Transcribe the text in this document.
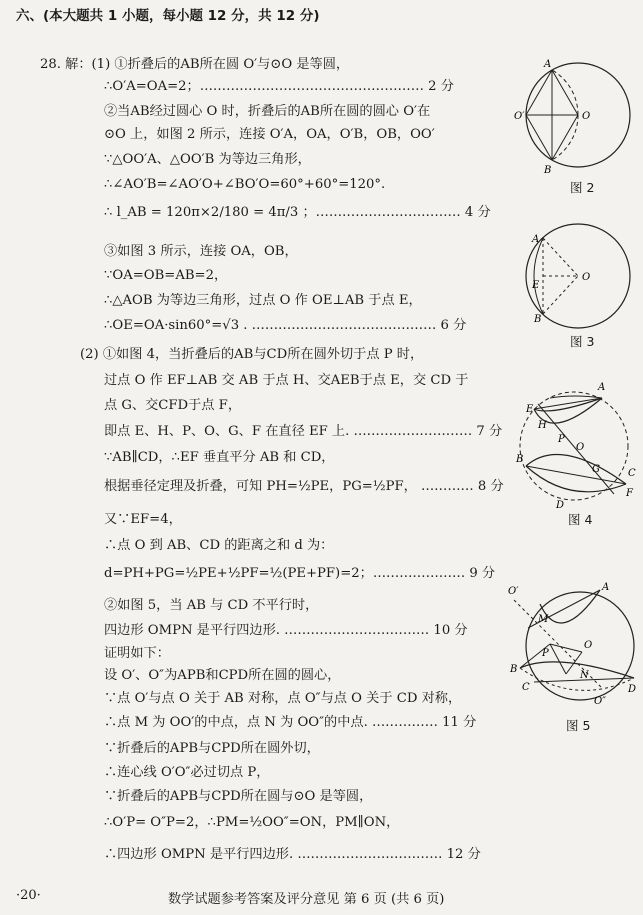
六、(本大题共 1 小题，每小题 12 分，共 12 分)
28. 解：(1) ①折叠后的AB所在圆 O′与⊙O 是等圆，
∴O′A=OA=2；…………………………………………… 2 分
②当AB经过圆心 O 时，折叠后的AB所在圆的圆心 O′在
⊙O 上，如图 2 所示，连接 O′A，OA，O′B，OB，OO′
∵△OO′A、△OO′B 为等边三角形，
∴∠AO′B=∠AO′O+∠BO′O=60°+60°=120°.
∴ l_AB = 120π×2/180 = 4π/3 ；…………………………… 4 分
③如图 3 所示，连接 OA，OB，
∵OA=OB=AB=2，
∴△AOB 为等边三角形，过点 O 作 OE⊥AB 于点 E，
∴OE=OA·sin60°=√3 . …………………………………… 6 分
(2) ①如图 4，当折叠后的AB与CD所在圆外切于点 P 时，
过点 O 作 EF⊥AB 交 AB 于点 H、交AEB于点 E，交 CD 于
点 G、交CFD于点 F，
即点 E、H、P、O、G、F 在直径 EF 上. ……………………… 7 分
∵AB∥CD，∴EF 垂直平分 AB 和 CD，
根据垂径定理及折叠，可知 PH=½PE，PG=½PF， ………… 8 分
又∵EF=4，
∴点 O 到 AB、CD 的距离之和 d 为：
d=PH+PG=½PE+½PF=½(PE+PF)=2；………………… 9 分
②如图 5，当 AB 与 CD 不平行时，
四边形 OMPN 是平行四边形. …………………………… 10 分
证明如下：
设 O′、O″为APB和CPD所在圆的圆心，
∵点 O′与点 O 关于 AB 对称，点 O″与点 O 关于 CD 对称，
∴点 M 为 OO′的中点，点 N 为 OO″的中点. …………… 11 分
∵折叠后的APB与CPD所在圆外切，
∴连心线 O′O″必过切点 P，
∵折叠后的APB与CPD所在圆与⊙O 是等圆，
∴O′P= O″P=2，∴PM=½OO″=ON，PM∥ON，
∴四边形 OMPN 是平行四边形. …………………………… 12 分
A
O′	O
B
图 2
A
E
O
B
图 3
A
E
H
B
P
O
G	C
F
D
图 4
O′	A
M
B
P
O
C
N
D
O″
图 5
·20·	数学试题参考答案及评分意见 第 6 页 (共 6 页)
